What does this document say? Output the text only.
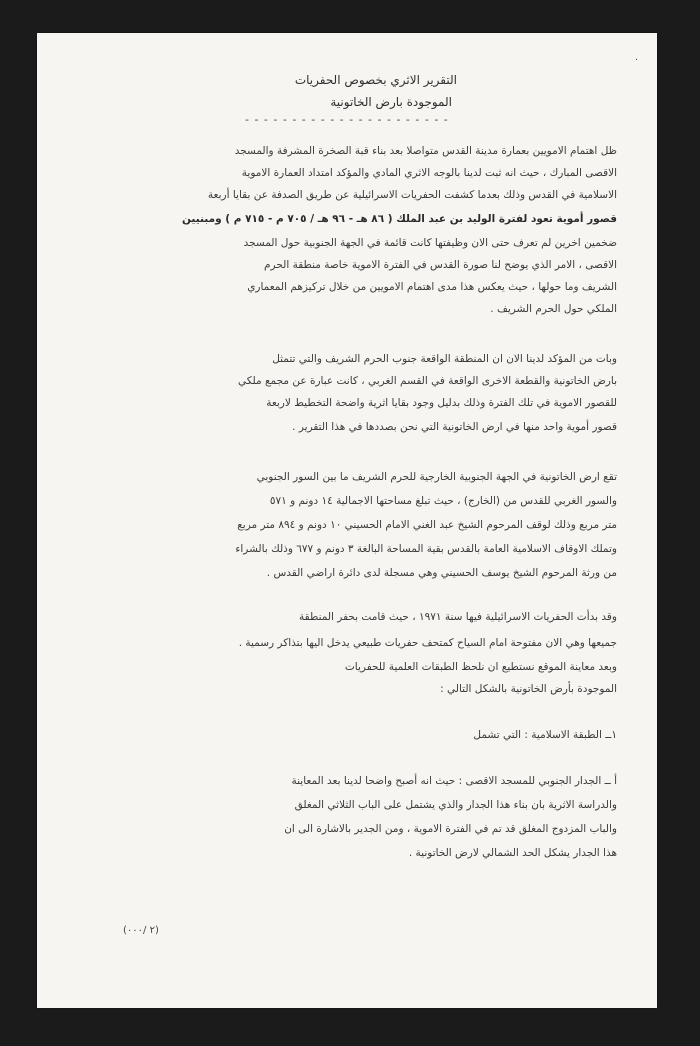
٠
التقرير الاثري بخصوص الحفريات
الموجودة بارض الخاتونية
- - - - - - - - - - - - - - - - - - - - - -
ظل اهتمام الامويين بعمارة مدينة القدس متواصلا بعد بناء قبة الصخرة المشرفة والمسجد
الاقصى المبارك ، حيث انه ثبت لدينا بالوجه الاثري المادي والمؤكد امتداد العمارة الاموية
الاسلامية في القدس وذلك بعدما كشفت الحفريات الاسرائيلية عن طريق الصدفة عن بقايا أربعة
قصور أموية تعود لفترة الوليد بن عبد الملك ( ٨٦ هـ - ٩٦ هـ / ٧٠٥ م - ٧١٥ م ) ومبنيين
ضخمين اخرين لم تعرف حتى الان وظيفتها كانت قائمة في الجهة الجنوبية حول المسجد
الاقصى ، الامر الذي يوضح لنا صورة القدس في الفترة الاموية خاصة منطقة الحرم
الشريف وما حولها ، حيث يعكس هذا مدى اهتمام الامويين من خلال تركيزهم المعماري
الملكي حول الحرم الشريف .
وبات من المؤكد لدينا الان ان المنطقة الواقعة جنوب الحرم الشريف والتي تتمثل
بارض الخاتونية والقطعة الاخرى الواقعة في القسم الغربي ، كانت عبارة عن مجمع ملكي
للقصور الاموية في تلك الفترة وذلك بدليل وجود بقايا اثرية واضحة التخطيط لاربعة
قصور أموية واحد منها في ارض الخاتونية التي نحن بصددها في هذا التقرير .
تقع ارض الخاتونية في الجهة الجنوبية الخارجية للحرم الشريف ما بين السور الجنوبي
والسور الغربي للقدس من (الخارج) ، حيث تبلغ مساحتها الاجمالية ١٤ دونم و ٥٧١
متر مربع وذلك لوقف المرحوم الشيخ عبد الغني الامام الحسيني ١٠ دونم و ٨٩٤ متر مربع
وتملك الاوقاف الاسلامية العامة بالقدس بقية المساحة البالغة ٣ دونم و ٦٧٧ وذلك بالشراء
من ورثة المرحوم الشيخ يوسف الحسيني وهي مسجلة لدى دائرة اراضي القدس .
وقد بدأت الحفريات الاسرائيلية فيها سنة ١٩٧١ ، حيث قامت بحفر المنطقة
جميعها وهي الان مفتوحة امام السياح كمتحف حفريات طبيعي يدخل اليها بتذاكر رسمية .
وبعد معاينة الموقع نستطيع ان نلحظ الطبقات العلمية للحفريات
الموجودة بأرض الخاتونية بالشكل التالي :
١ــ الطبقة الاسلامية : التي تشمل
أ ــ الجدار الجنوبي للمسجد الاقصى : حيث انه أصبح واضحا لدينا بعد المعاينة
والدراسة الاثرية بان بناء هذا الجدار والذي يشتمل على الباب الثلاثي المغلق
والباب المزدوج المغلق قد تم في الفترة الاموية ، ومن الجدير بالاشارة الى ان
هذا الجدار يشكل الحد الشمالي لارض الخاتونية .
(٢ /٠٠٠)
